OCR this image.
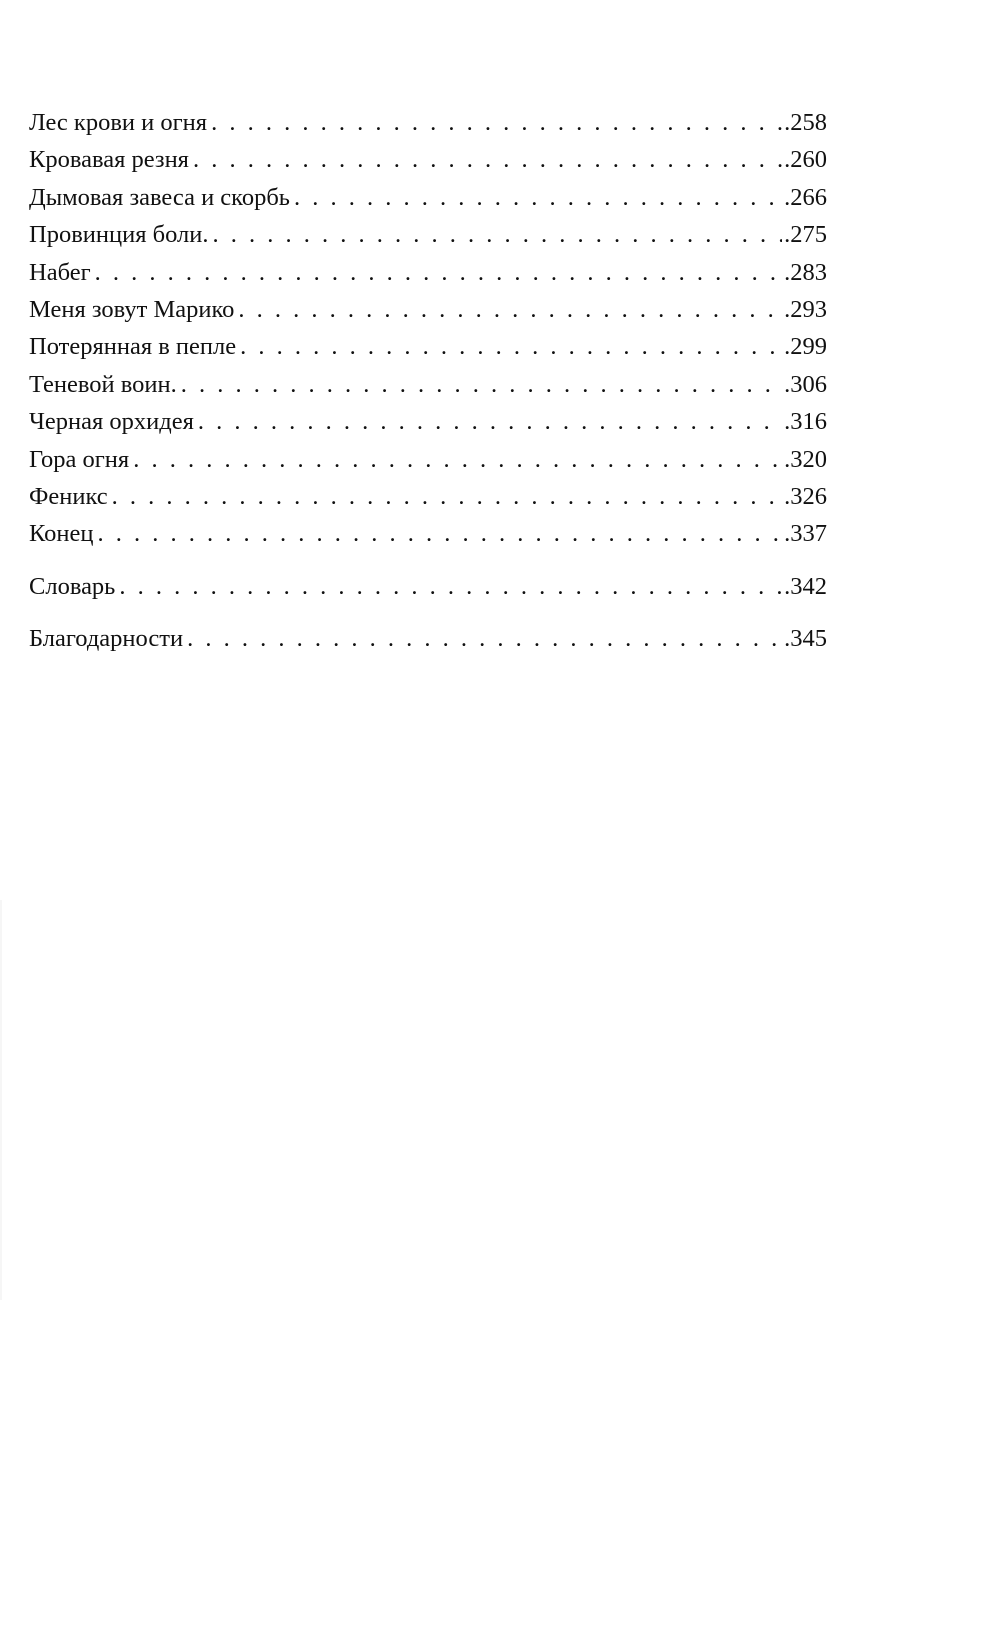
Лес крови и огня . . .	.258
Кровавая резня . . .	.260
Дымовая завеса и скорбь . . .	.266
Провинция боли. . . .	.275
Набег . . .	.283
Меня зовут Марико . . .	.293
Потерянная в пепле . . .	.299
Теневой воин. . . .	.306
Черная орхидея . . .	.316
Гора огня . . .	.320
Феникс . . .	.326
Конец . . .	.337
Словарь . . .	.342
Благодарности . . .	.345
